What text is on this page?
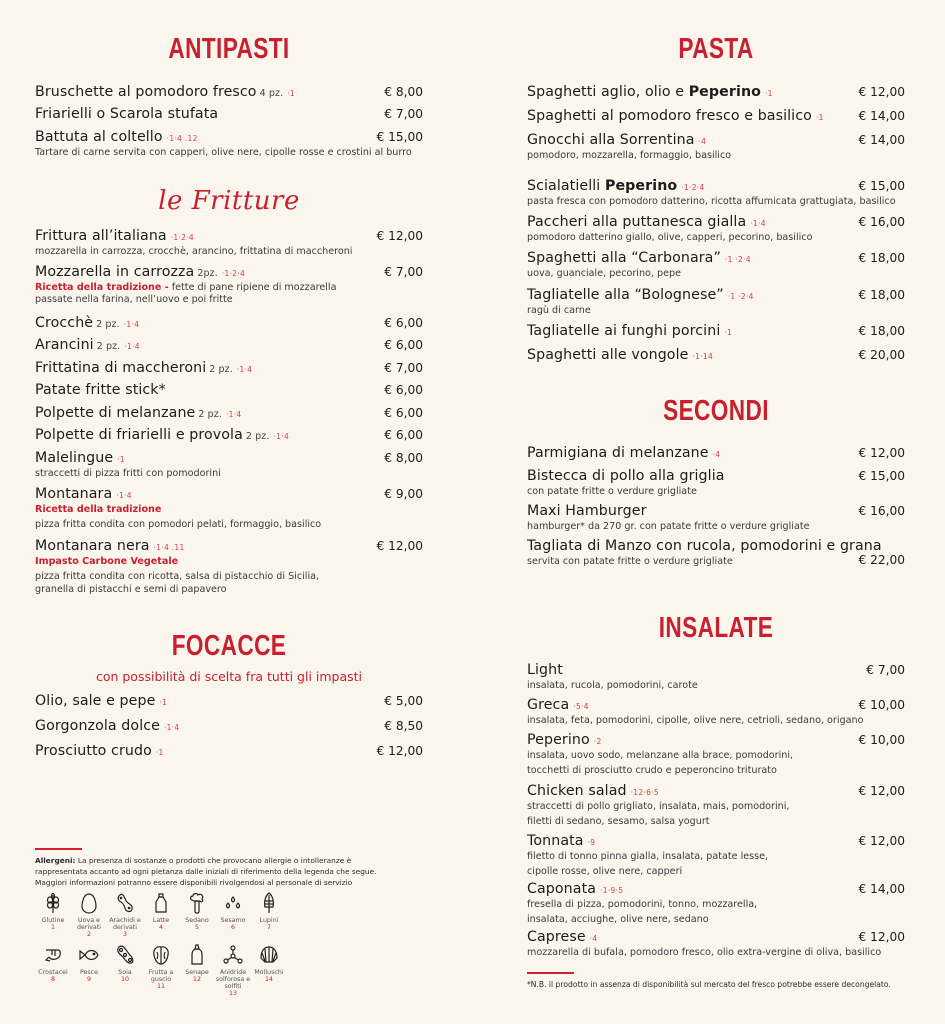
ANTIPASTI
Bruschette al pomodoro fresco 4 pz. ·1	€ 8,00
Friarielli o Scarola stufata	€ 7,00
Battuta al coltello ·1·4 .12	€ 15,00
Tartare di carne servita con capperi, olive nere, cipolle rosse e crostini al burro
le Fritture
Frittura all’italiana ·1·2·4	€ 12,00
mozzarella in carrozza, crocchè, arancino, frittatina di maccheroni
Mozzarella in carrozza 2pz. ·1·2·4	€ 7,00
Ricetta della tradizione - fette di pane ripiene di mozzarella
passate nella farina, nell’uovo e poi fritte
Crocchè 2 pz. ·1·4	€ 6,00
Arancini 2 pz. ·1·4	€ 6,00
Frittatina di maccheroni 2 pz. ·1·4	€ 7,00
Patate fritte stick*	€ 6,00
Polpette di melanzane 2 pz. ·1·4	€ 6,00
Polpette di friarielli e provola 2 pz. ·1·4	€ 6,00
Malelingue ·1	€ 8,00
straccetti di pizza fritti con pomodorini
Montanara ·1·4	€ 9,00
Ricetta della tradizione
pizza fritta condita con pomodori pelati, formaggio, basilico
Montanara nera ·1·4 .11	€ 12,00
Impasto Carbone Vegetale
pizza fritta condita con ricotta, salsa di pistacchio di Sicilia,
granella di pistacchi e semi di papavero
FOCACCE
con possibilità di scelta fra tutti gli impasti
Olio, sale e pepe ·1	€ 5,00
Gorgonzola dolce ·1·4	€ 8,50
Prosciutto crudo ·1	€ 12,00
Allergeni: La presenza di sostanze o prodotti che provocano allergie o intolleranze è rappresentata accanto ad ogni pietanza dalle iniziali di riferimento della legenda che segue. Maggiori informazioni potranno essere disponibili rivolgendosi al personale di servizio
Glutine
1
Uova e derivati
2
Arachidi e derivati
3
Latte
4
Sedano
5
Sesamo
6
Lupini
7
Crostacei
8
Pesce
9
Soia
10
Frutta a guscio
11
Senape
12
Anidride solforosa e solfiti
13
Molluschi
14
PASTA
Spaghetti aglio, olio e Peperino ·1	€ 12,00
Spaghetti al pomodoro fresco e basilico ·1	€ 14,00
Gnocchi alla Sorrentina ·4	€ 14,00
pomodoro, mozzarella, formaggio, basilico
Scialatielli Peperino ·1·2·4	€ 15,00
pasta fresca con pomodoro datterino, ricotta affumicata grattugiata, basilico
Paccheri alla puttanesca gialla ·1·4	€ 16,00
pomodoro datterino giallo, olive, capperi, pecorino, basilico
Spaghetti alla “Carbonara” ·1 ·2·4	€ 18,00
uova, guanciale, pecorino, pepe
Tagliatelle alla “Bolognese” ·1 ·2·4	€ 18,00
ragù di carne
Tagliatelle ai funghi porcini ·1	€ 18,00
Spaghetti alle vongole ·1·14	€ 20,00
SECONDI
Parmigiana di melanzane ·4	€ 12,00
Bistecca di pollo alla griglia	€ 15,00
con patate fritte o verdure grigliate
Maxi Hamburger	€ 16,00
hamburger* da 270 gr. con patate fritte o verdure grigliate
Tagliata di Manzo con rucola, pomodorini e grana
servita con patate fritte o verdure grigliate	€ 22,00
INSALATE
Light	€ 7,00
insalata, rucola, pomodorini, carote
Greca ·5·4	€ 10,00
insalata, feta, pomodorini, cipolle, olive nere, cetrioli, sedano, origano
Peperino ·2	€ 10,00
insalata, uovo sodo, melanzane alla brace, pomodorini,
tocchetti di prosciutto crudo e peperoncino triturato
Chicken salad ·12·6·5	€ 12,00
straccetti di pollo grigliato, insalata, mais, pomodorini,
filetti di sedano, sesamo, salsa yogurt
Tonnata ·9	€ 12,00
filetto di tonno pinna gialla, insalata, patate lesse,
cipolle rosse, olive nere, capperi
Caponata ·1·9·5	€ 14,00
fresella di pizza, pomodorini, tonno, mozzarella,
insalata, acciughe, olive nere, sedano
Caprese ·4	€ 12,00
mozzarella di bufala, pomodoro fresco, olio extra-vergine di oliva, basilico
*N.B. il prodotto in assenza di disponibilità sul mercato del fresco potrebbe essere decongelato.
